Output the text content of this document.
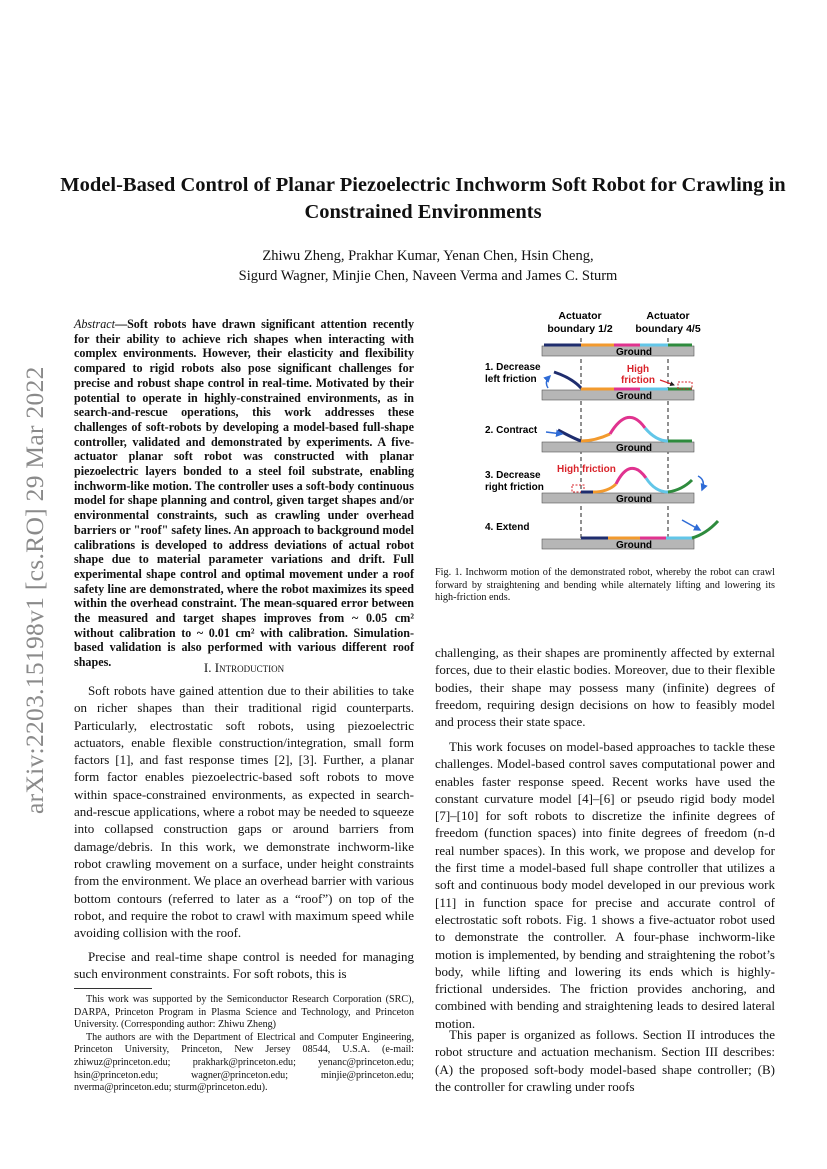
arXiv:2203.15198v1 [cs.RO] 29 Mar 2022
Model-Based Control of Planar Piezoelectric Inchworm Soft Robot for Crawling in Constrained Environments
Zhiwu Zheng, Prakhar Kumar, Yenan Chen, Hsin Cheng,
Sigurd Wagner, Minjie Chen, Naveen Verma and James C. Sturm
Abstract—Soft robots have drawn significant attention recently for their ability to achieve rich shapes when interacting with complex environments. However, their elasticity and flexibility compared to rigid robots also pose significant challenges for precise and robust shape control in real-time. Motivated by their potential to operate in highly-constrained environments, as in search-and-rescue operations, this work addresses these challenges of soft-robots by developing a model-based full-shape controller, validated and demonstrated by experiments. A five-actuator planar soft robot was constructed with planar piezoelectric layers bonded to a steel foil substrate, enabling inchworm-like motion. The controller uses a soft-body continuous model for shape planning and control, given target shapes and/or environmental constraints, such as crawling under overhead barriers or "roof" safety lines. An approach to background model calibrations is developed to address deviations of actual robot shape due to material parameter variations and drift. Full experimental shape control and optimal movement under a roof safety line are demonstrated, where the robot maximizes its speed within the overhead constraint. The mean-squared error between the measured and target shapes improves from ~ 0.05 cm² without calibration to ~ 0.01 cm² with calibration. Simulation-based validation is also performed with various different roof shapes.	I. Introduction

Soft robots have gained attention due to their abilities to take on richer shapes than their traditional rigid counterparts. Particularly, electrostatic soft robots, using piezoelectric actuators, enable flexible construction/integration, small form factors [1], and fast response times [2], [3]. Further, a planar form factor enables piezoelectric-based soft robots to move within space-constrained environments, as expected in search-and-rescue applications, where a robot may be needed to squeeze into collapsed construction gaps or around barriers from damage/debris. In this work, we demonstrate inchworm-like robot crawling movement on a surface, under height constraints from the environment. We place an overhead barrier with various bottom contours (referred to later as a “roof”) on top of the robot, and require the robot to crawl with maximum speed while avoiding collision with the roof.

Precise and real-time shape control is needed for managing such environment constraints. For soft robots, this is

This work was supported by the Semiconductor Research Corporation (SRC), DARPA, Princeton Program in Plasma Science and Technology, and Princeton University. (Corresponding author: Zhiwu Zheng)

The authors are with the Department of Electrical and Computer Engineering, Princeton University, Princeton, New Jersey 08544, U.S.A. (e-mail: zhiwuz@princeton.edu; prakhark@princeton.edu; yenanc@princeton.edu; hsin@princeton.edu; wagner@princeton.edu; minjie@princeton.edu; nverma@princeton.edu; sturm@princeton.edu).

Actuator
boundary 1/2
Actuator
boundary 4/5
Ground
1. Decrease
left friction
Ground
High
friction
2. Contract
Ground
3. Decrease
right friction
Ground
High friction
4. Extend
Ground
Fig. 1. Inchworm motion of the demonstrated robot, whereby the robot can crawl forward by straightening and bending while alternately lifting and lowering its high-friction ends.

challenging, as their shapes are prominently affected by external forces, due to their elastic bodies. Moreover, due to their flexible bodies, their shape may possess many (infinite) degrees of freedom, requiring design decisions on how to feasibly model and process their state space.

This work focuses on model-based approaches to tackle these challenges. Model-based control saves computational power and enables faster response speed. Recent works have used the constant curvature model [4]–[6] or pseudo rigid body model [7]–[10] for soft robots to discretize the infinite degrees of freedom (function spaces) into finite degrees of freedom (n-d real number spaces). In this work, we propose and develop for the first time a model-based full shape controller that utilizes a soft and continuous body model developed in our previous work [11] in function space for precise and accurate control of electrostatic soft robots. Fig. 1 shows a five-actuator robot used to demonstrate the controller. A four-phase inchworm-like motion is implemented, by bending and straightening the robot’s body, while lifting and lowering its ends which is highly-frictional undersides. The friction provides anchoring, and combined with bending and straightening leads to desired lateral motion.

This paper is organized as follows. Section II introduces the robot structure and actuation mechanism. Section III describes: (A) the proposed soft-body model-based shape controller; (B) the controller for crawling under roofs
